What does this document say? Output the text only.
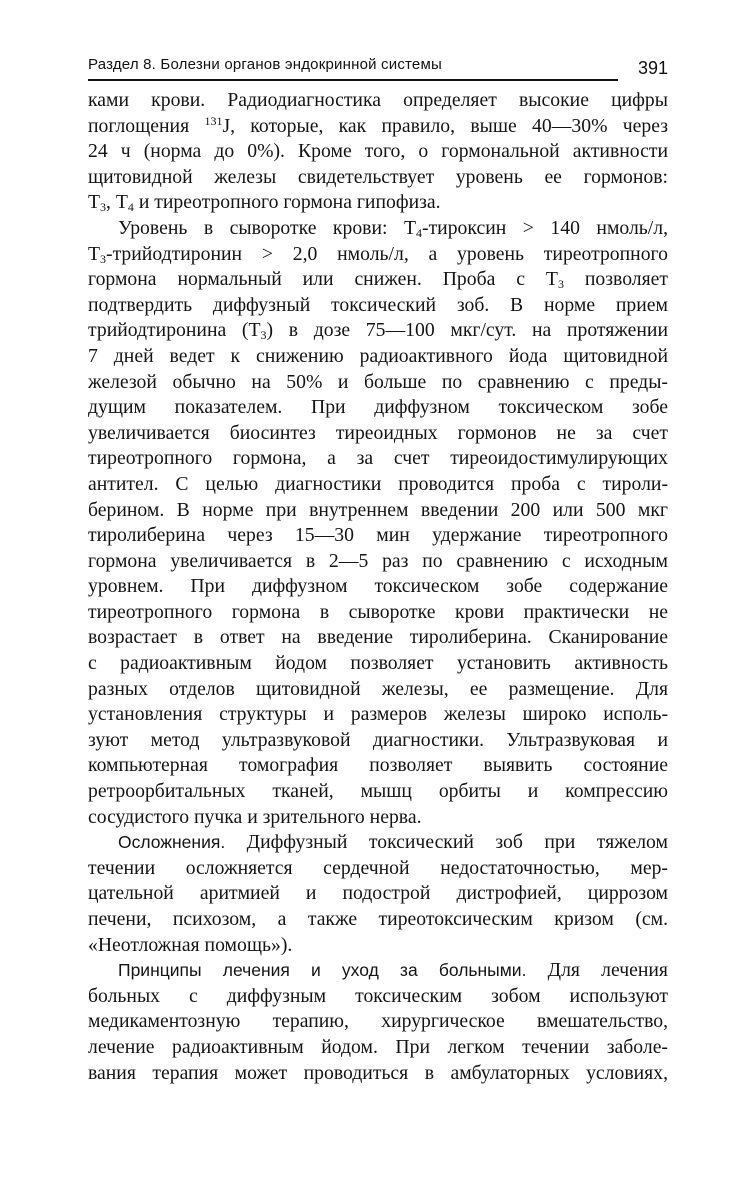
Раздел 8. Болезни органов эндокринной системы	391

ками крови. Радиодиагностика определяет высокие цифры
поглощения $^{131}$J, которые, как правило, выше 40—30% через
24 ч (норма до 0%). Кроме того, о гормональной активности
щитовидной железы свидетельствует уровень ее гормонов:
$Т_3$, $Т_4$ и тиреотропного гормона гипофиза.

Уровень в сыворотке крови: $Т_4$-тироксин > 140 нмоль/л,
$Т_3$-трийодтиронин > 2,0 нмоль/л, а уровень тиреотропного
гормона нормальный или снижен. Проба с $Т_3$ позволяет
подтвердить диффузный токсический зоб. В норме прием
трийодтиронина $(Т_3)$ в дозе 75—100 мкг/сут. на протяжении
7 дней ведет к снижению радиоактивного йода щитовидной
железой обычно на 50% и больше по сравнению с преды-
дущим показателем. При диффузном токсическом зобе
увеличивается биосинтез тиреоидных гормонов не за счет
тиреотропного гормона, а за счет тиреоидостимулирующих
антител. С целью диагностики проводится проба с тироли-
берином. В норме при внутреннем введении 200 или 500 мкг
тиролиберина через 15—30 мин удержание тиреотропного
гормона увеличивается в 2—5 раз по сравнению с исходным
уровнем. При диффузном токсическом зобе содержание
тиреотропного гормона в сыворотке крови практически не
возрастает в ответ на введение тиролиберина. Сканирование
с радиоактивным йодом позволяет установить активность
разных отделов щитовидной железы, ее размещение. Для
установления структуры и размеров железы широко исполь-
зуют метод ультразвуковой диагностики. Ультразвуковая и
компьютерная томография позволяет выявить состояние
ретроорбитальных тканей, мышц орбиты и компрессию
сосудистого пучка и зрительного нерва.

Осложнения. Диффузный токсический зоб при тяжелом
течении осложняется сердечной недостаточностью, мер-
цательной аритмией и подострой дистрофией, циррозом
печени, психозом, а также тиреотоксическим кризом (см.
«Неотложная помощь»).

Принципы лечения и уход за больными. Для лечения
больных с диффузным токсическим зобом используют
медикаментозную терапию, хирургическое вмешательство,
лечение радиоактивным йодом. При легком течении заболе-
вания терапия может проводиться в амбулаторных условиях,
